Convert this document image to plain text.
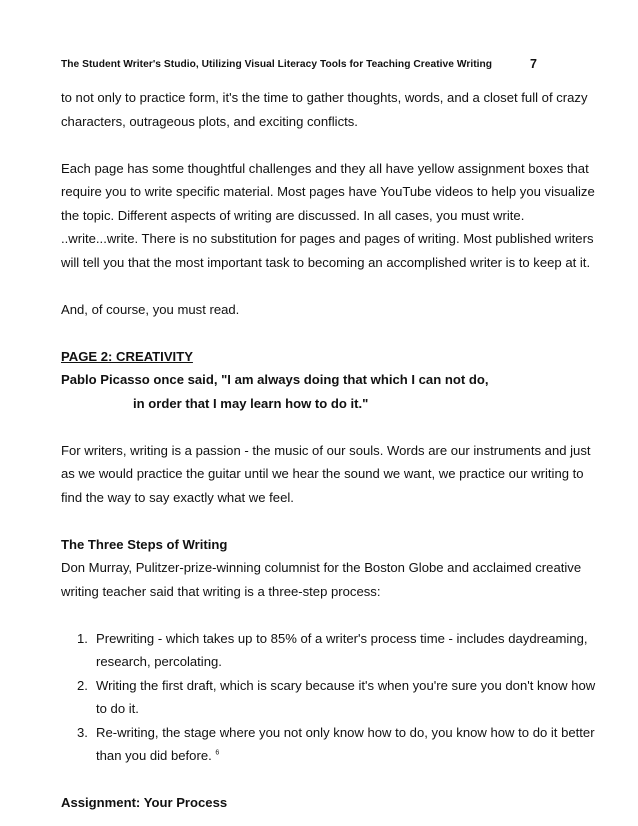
The Student Writer's Studio, Utilizing Visual Literacy Tools for Teaching Creative Writing	7

to not only to practice form, it's the time to gather thoughts, words, and a closet full of crazy
characters, outrageous plots, and exciting conflicts.

Each page has some thoughtful challenges and they all have yellow assignment boxes that
require you to write specific material. Most pages have YouTube videos to help you visualize
the topic. Different aspects of writing are discussed. In all cases, you must write.
..write...write. There is no substitution for pages and pages of writing. Most published writers
will tell you that the most important task to becoming an accomplished writer is to keep at it.

And, of course, you must read.

PAGE 2: CREATIVITY

Pablo Picasso once said, "I am always doing that which I can not do,
in order that I may learn how to do it."

For writers, writing is a passion - the music of our souls. Words are our instruments and just
as we would practice the guitar until we hear the sound we want, we practice our writing to
find the way to say exactly what we feel.

The Three Steps of Writing

Don Murray, Pulitzer-prize-winning columnist for the Boston Globe and acclaimed creative
writing teacher said that writing is a three-step process:

1. Prewriting - which takes up to 85% of a writer's process time - includes daydreaming,
research, percolating.
2. Writing the first draft, which is scary because it's when you're sure you don't know how
to do it.
3. Re-writing, the stage where you not only know how to do, you know how to do it better
than you did before. $^6$

Assignment: Your Process
